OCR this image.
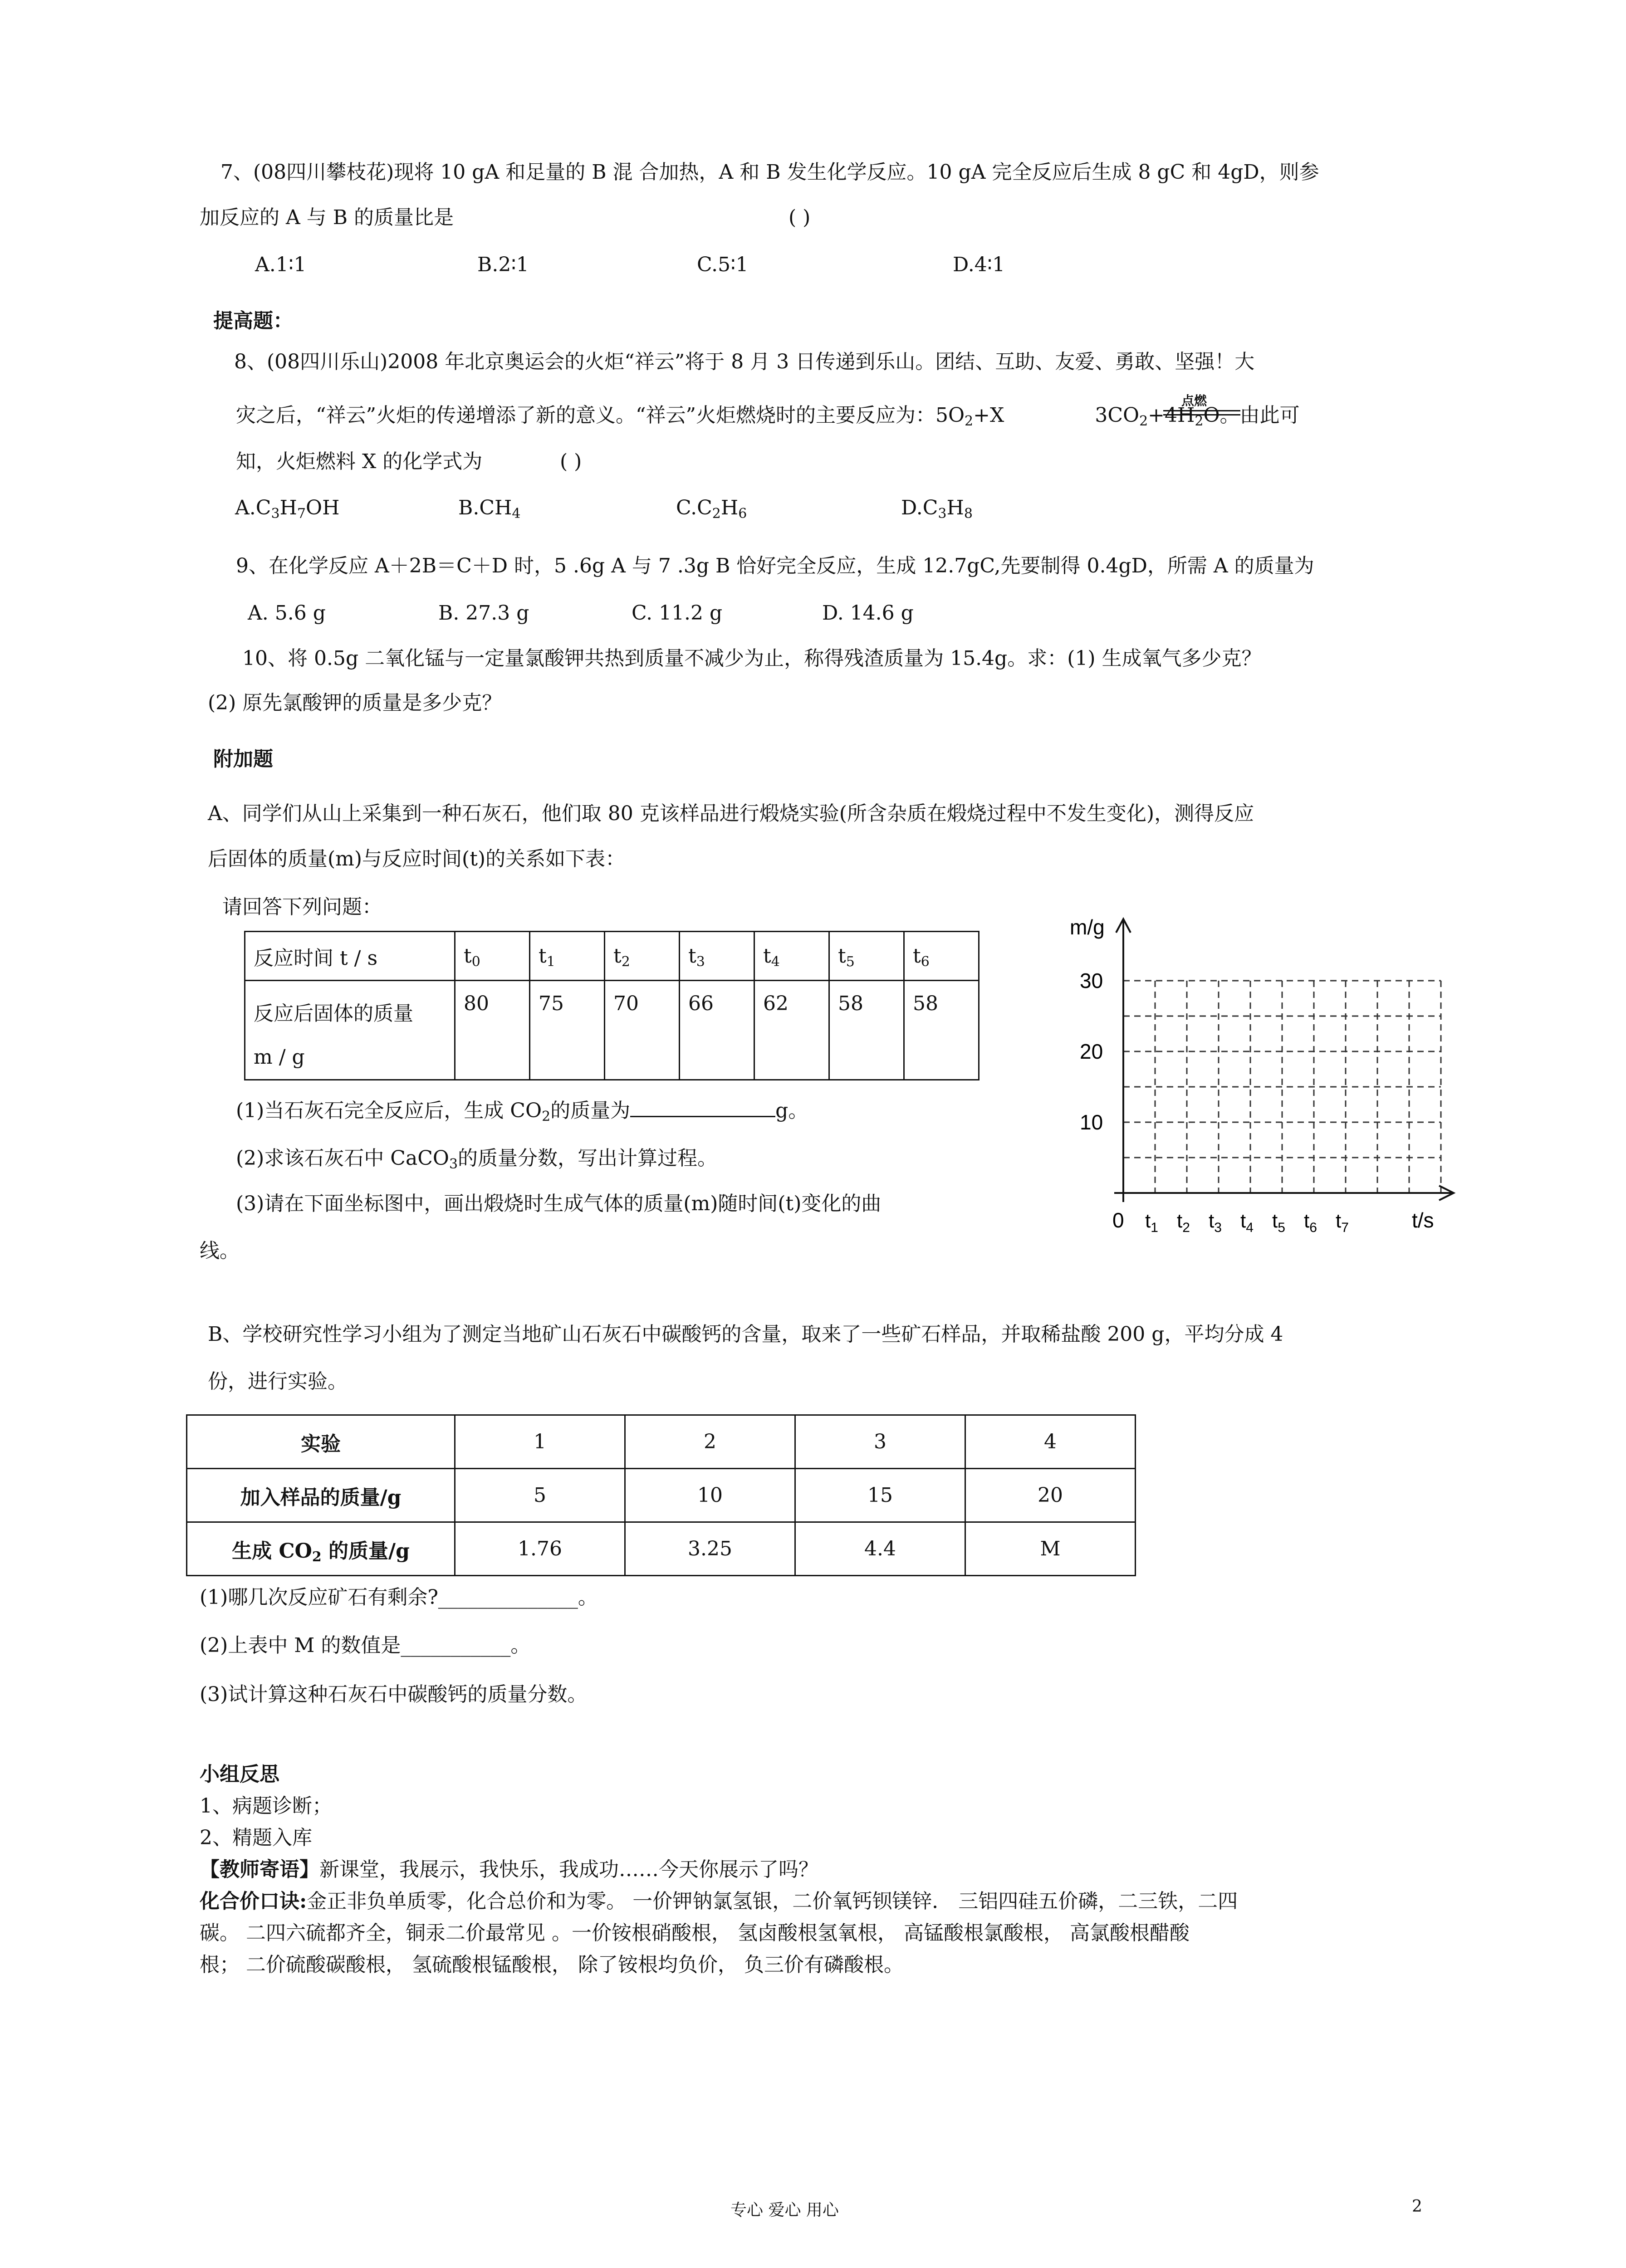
7、(08四川攀枝花)现将 10 gA 和足量的 B 混 合加热，A 和 B 发生化学反应。10 gA 完全反应后生成 8 gC 和 4gD，则参
加反应的 A 与 B 的质量比是	( )
A.1∶1	B.2∶1	C.5∶1	D.4∶1
提高题：
8、(08四川乐山)2008 年北京奥运会的火炬“祥云”将于 8 月 3 日传递到乐山。团结、互助、友爱、勇敢、坚强！大
灾之后，“祥云”火炬的传递增添了新的意义。“祥云”火炬燃烧时的主要反应为：$5O_2+X$	$3CO_2+4H_2O$。由此可
点燃
知，火炬燃料 X 的化学式为	( )
$A.C_3H_7OH$	$B.CH_4$	$C.C_2H_6$	$D.C_3H_8$
9、在化学反应 A＋2B＝C＋D 时，5 .6g A 与 7 .3g B 恰好完全反应，生成 12.7gC,先要制得 0.4gD，所需 A 的质量为
A. 5.6 g	B. 27.3 g	C. 11.2 g	D. 14.6 g
10、将 0.5g 二氧化锰与一定量氯酸钾共热到质量不减少为止，称得残渣质量为 15.4g。求：(1) 生成氧气多少克？
(2) 原先氯酸钾的质量是多少克？
附加题
A、同学们从山上采集到一种石灰石，他们取 80 克该样品进行煅烧实验(所含杂质在煅烧过程中不发生变化)，测得反应
后固体的质量(m)与反应时间(t)的关系如下表：
请回答下列问题：
反应时间 t / s	$t_0$	$t_1$	$t_2$	$t_3$	$t_4$	$t_5$	$t_6$
反应后固体的质量
m / g	80	75	70	66	62	58	58
(1)当石灰石完全反应后，生成 $CO_2$的质量为	g。
(2)求该石灰石中 CaCO$_3$的质量分数，写出计算过程。
(3)请在下面坐标图中，画出煅烧时生成气体的质量(m)随时间(t)变化的曲
线。
m/g
30
20
10
0 $t_1$ $t_2$ $t_3$ $t_4$ $t_5$ $t_6$ $t_7$	t/s
B、学校研究性学习小组为了测定当地矿山石灰石中碳酸钙的含量，取来了一些矿石样品，并取稀盐酸 200 g，平均分成 4
份，进行实验。
实验	1	2	3	4
加入样品的质量/g	5	10	15	20
生成 $CO_2$ 的质量/g	1.76	3.25	4.4	M
(1)哪几次反应矿石有剩余?______________。
(2)上表中 M 的数值是___________。
(3)试计算这种石灰石中碳酸钙的质量分数。
小组反思
1、病题诊断；
2、精题入库
【教师寄语】新课堂，我展示，我快乐，我成功……今天你展示了吗？
化合价口诀:金正非负单质零，化合总价和为零。 一价钾钠氯氢银，二价氧钙钡镁锌． 三铝四硅五价磷，二三铁，二四
碳。 二四六硫都齐全，铜汞二价最常见 。一价铵根硝酸根， 氢卤酸根氢氧根， 高锰酸根氯酸根， 高氯酸根醋酸
根； 二价硫酸碳酸根， 氢硫酸根锰酸根， 除了铵根均负价， 负三价有磷酸根。
专心 爱心 用心	2
